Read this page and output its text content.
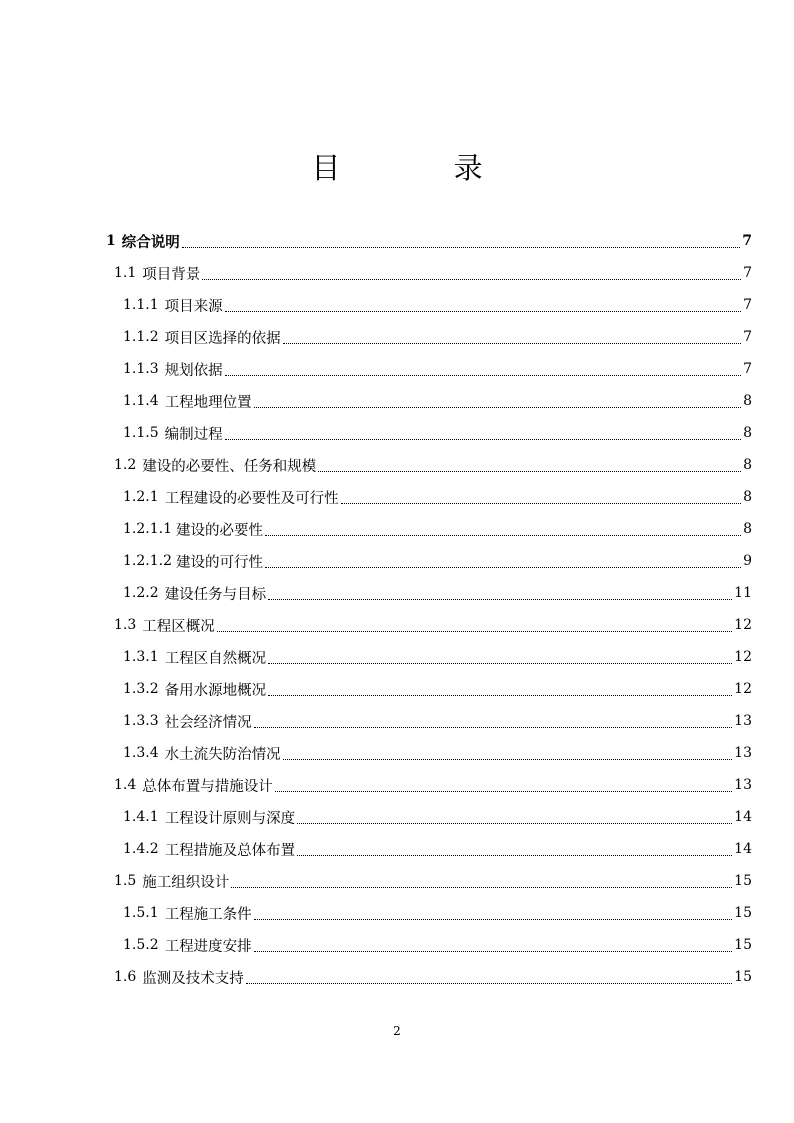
目 录
1 综合说明	7
1.1 项目背景	7
1.1.1 项目来源	7
1.1.2 项目区选择的依据	7
1.1.3 规划依据	7
1.1.4 工程地理位置	8
1.1.5 编制过程	8
1.2 建设的必要性、任务和规模	8
1.2.1 工程建设的必要性及可行性	8
1.2.1.1 建设的必要性	8
1.2.1.2 建设的可行性	9
1.2.2 建设任务与目标	11
1.3 工程区概况	12
1.3.1 工程区自然概况	12
1.3.2 备用水源地概况	12
1.3.3 社会经济情况	13
1.3.4 水土流失防治情况	13
1.4 总体布置与措施设计	13
1.4.1 工程设计原则与深度	14
1.4.2 工程措施及总体布置	14
1.5 施工组织设计	15
1.5.1 工程施工条件	15
1.5.2 工程进度安排	15
1.6 监测及技术支持	15
2
